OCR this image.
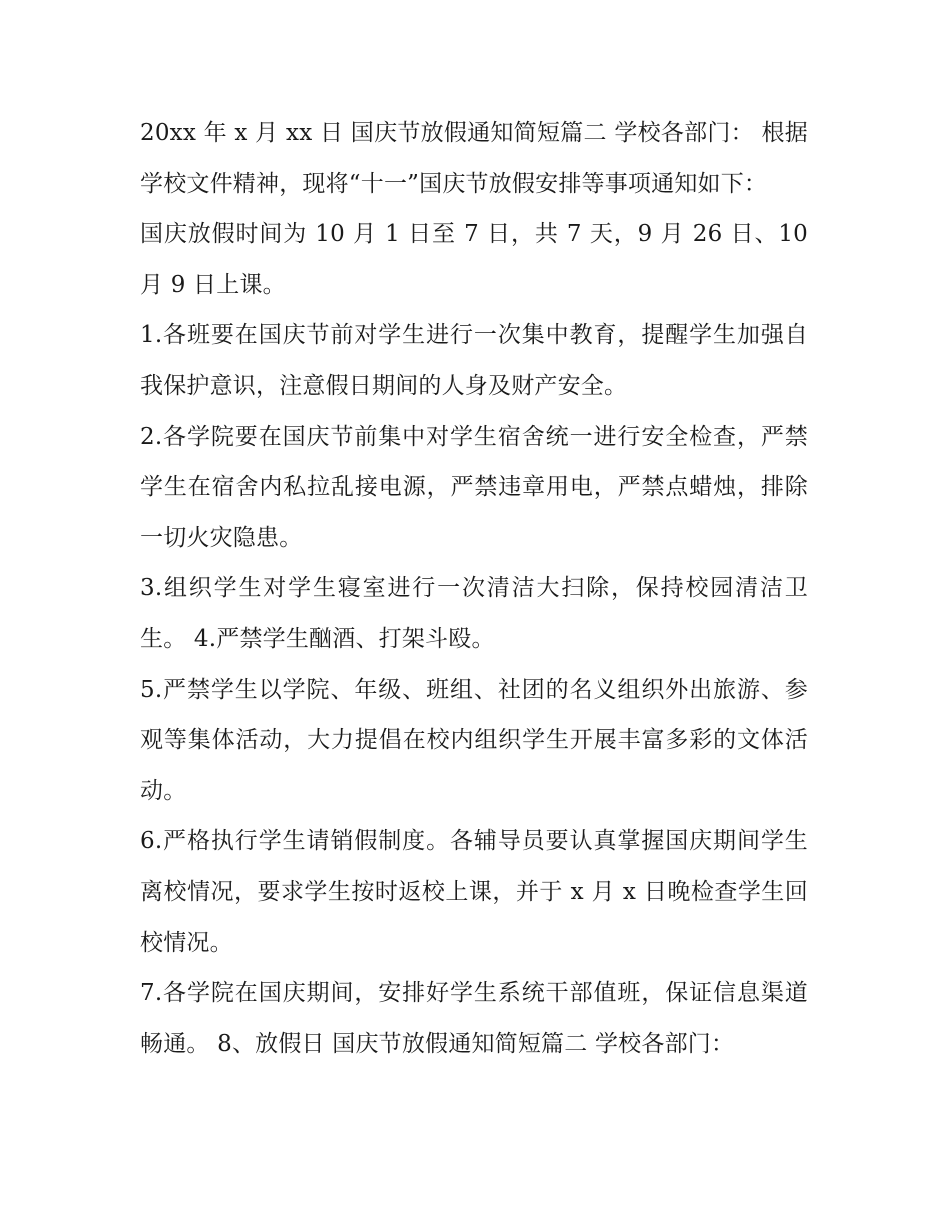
20xx 年 x 月 xx 日 国庆节放假通知简短篇二 学校各部门： 根据学校文件精神，现将“十一”国庆节放假安排等事项通知如下：

国庆放假时间为 10 月 1 日至 7 日，共 7 天，9 月 26 日、10 月 9 日上课。

1.各班要在国庆节前对学生进行一次集中教育，提醒学生加强自我保护意识，注意假日期间的人身及财产安全。

2.各学院要在国庆节前集中对学生宿舍统一进行安全检查，严禁学生在宿舍内私拉乱接电源，严禁违章用电，严禁点蜡烛，排除一切火灾隐患。

3.组织学生对学生寝室进行一次清洁大扫除，保持校园清洁卫生。 4.严禁学生酗酒、打架斗殴。

5.严禁学生以学院、年级、班组、社团的名义组织外出旅游、参观等集体活动，大力提倡在校内组织学生开展丰富多彩的文体活动。

6.严格执行学生请销假制度。各辅导员要认真掌握国庆期间学生离校情况，要求学生按时返校上课，并于 x 月 x 日晚检查学生回校情况。

7.各学院在国庆期间，安排好学生系统干部值班，保证信息渠道畅通。 8、放假日 国庆节放假通知简短篇二 学校各部门：
